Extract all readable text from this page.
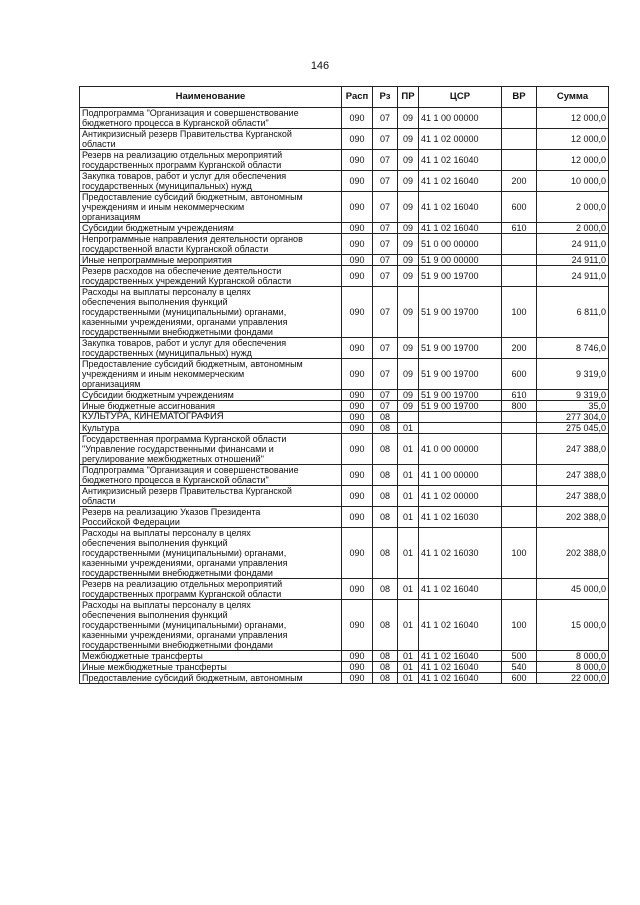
146
Наименование	Расп	Рз	ПР	ЦСР	ВР	Сумма
Подпрограмма "Организация и совершенствование
бюджетного процесса в Курганской области"	090	07	09	41 1 00 00000		12 000,0
Антикризисный резерв Правительства Курганской
области	090	07	09	41 1 02 00000		12 000,0
Резерв на реализацию отдельных мероприятий
государственных программ Курганской области	090	07	09	41 1 02 16040		12 000,0
Закупка товаров, работ и услуг для обеспечения
государственных (муниципальных) нужд	090	07	09	41 1 02 16040	200	10 000,0
Предоставление субсидий бюджетным, автономным
учреждениям и иным некоммерческим
организациям	090	07	09	41 1 02 16040	600	2 000,0
Субсидии бюджетным учреждениям	090	07	09	41 1 02 16040	610	2 000,0
Непрограммные направления деятельности органов
государственной власти Курганской области	090	07	09	51 0 00 00000		24 911,0
Иные непрограммные мероприятия	090	07	09	51 9 00 00000		24 911,0
Резерв расходов на обеспечение деятельности
государственных учреждений Курганской области	090	07	09	51 9 00 19700		24 911,0
Расходы на выплаты персоналу в целях
обеспечения выполнения функций
государственными (муниципальными) органами,
казенными учреждениями, органами управления
государственными внебюджетными фондами	090	07	09	51 9 00 19700	100	6 811,0
Закупка товаров, работ и услуг для обеспечения
государственных (муниципальных) нужд	090	07	09	51 9 00 19700	200	8 746,0
Предоставление субсидий бюджетным, автономным
учреждениям и иным некоммерческим
организациям	090	07	09	51 9 00 19700	600	9 319,0
Субсидии бюджетным учреждениям	090	07	09	51 9 00 19700	610	9 319,0
Иные бюджетные ассигнования	090	07	09	51 9 00 19700	800	35,0
КУЛЬТУРА, КИНЕМАТОГРАФИЯ	090	08				277 304,0
Культура	090	08	01			275 045,0
Государственная программа Курганской области
"Управление государственными финансами и
регулирование межбюджетных отношений"	090	08	01	41 0 00 00000		247 388,0
Подпрограмма "Организация и совершенствование
бюджетного процесса в Курганской области"	090	08	01	41 1 00 00000		247 388,0
Антикризисный резерв Правительства Курганской
области	090	08	01	41 1 02 00000		247 388,0
Резерв на реализацию Указов Президента
Российской Федерации	090	08	01	41 1 02 16030		202 388,0
Расходы на выплаты персоналу в целях
обеспечения выполнения функций
государственными (муниципальными) органами,
казенными учреждениями, органами управления
государственными внебюджетными фондами	090	08	01	41 1 02 16030	100	202 388,0
Резерв на реализацию отдельных мероприятий
государственных программ Курганской области	090	08	01	41 1 02 16040		45 000,0
Расходы на выплаты персоналу в целях
обеспечения выполнения функций
государственными (муниципальными) органами,
казенными учреждениями, органами управления
государственными внебюджетными фондами	090	08	01	41 1 02 16040	100	15 000,0
Межбюджетные трансферты	090	08	01	41 1 02 16040	500	8 000,0
Иные межбюджетные трансферты	090	08	01	41 1 02 16040	540	8 000,0
Предоставление субсидий бюджетным, автономным	090	08	01	41 1 02 16040	600	22 000,0
